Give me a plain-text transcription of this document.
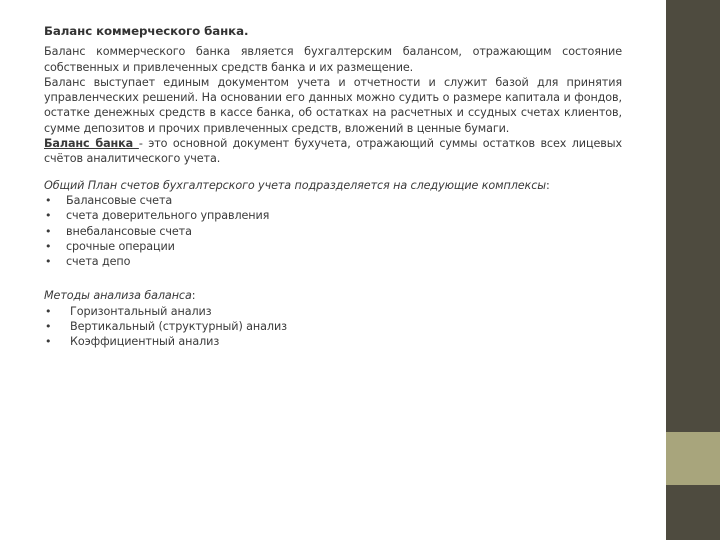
Баланс коммерческого банка.

Баланс коммерческого банка является бухгалтерским балансом, отражающим состояние собственных и привлеченных средств банка и их размещение.

Баланс выступает единым документом учета и отчетности и служит базой для принятия управленческих решений. На основании его данных можно судить о размере капитала и фондов, остатке денежных средств в кассе банка, об остатках на расчетных и ссудных счетах клиентов, сумме депозитов и прочих привлеченных средств, вложений в ценные бумаги.

Баланс банка - это основной документ бухучета, отражающий суммы остатков всех лицевых счётов аналитического учета.

Общий План счетов бухгалтерского учета подразделяется на следующие комплексы:

• Балансовые счета
• счета доверительного управления
• внебалансовые счета
• срочные операции
• счета депо

Методы анализа баланса:

• Горизонтальный анализ
• Вертикальный (структурный) анализ
• Коэффициентный анализ
